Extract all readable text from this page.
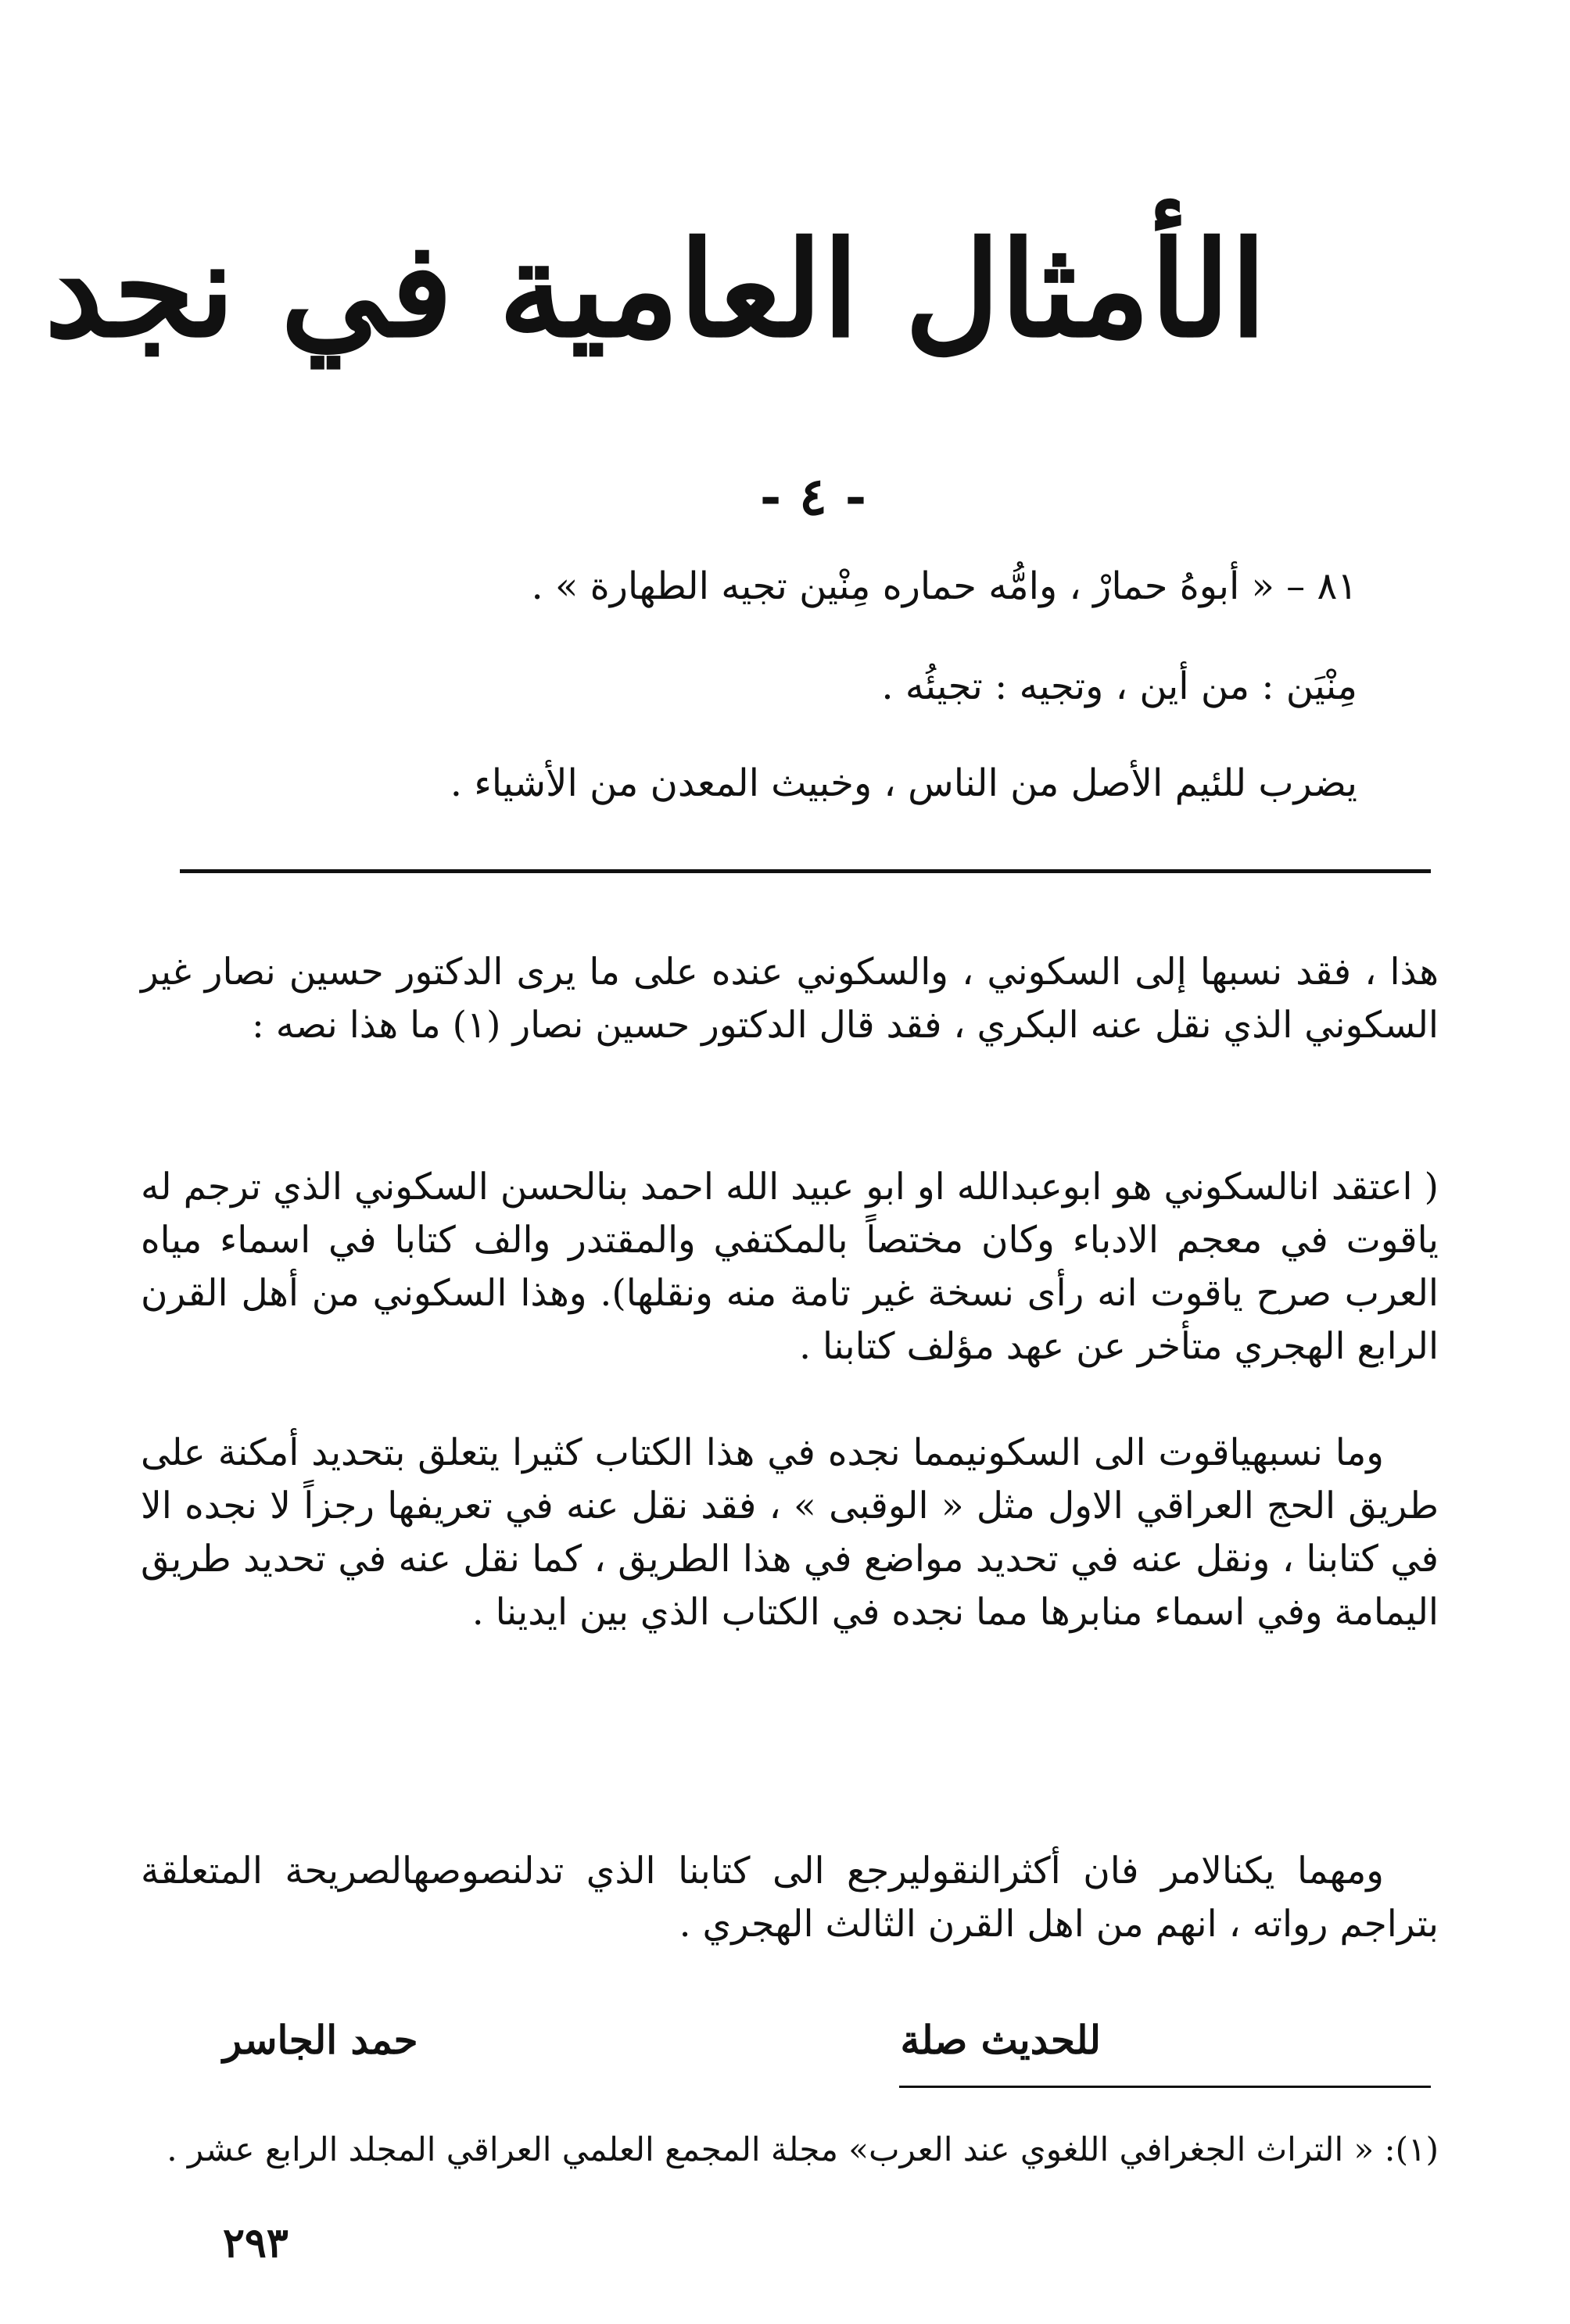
الأمثال العامية في نجد
- ٤ -
٨١ – « أبوهُ حمارْ ، وامُّه حماره مِنْين تجيه الطهارة » .
مِنْيَن : من أين ، وتجيه : تجيئُه .
يضرب للئيم الأصل من الناس ، وخبيث المعدن من الأشياء .

هذا ، فقد نسبها إلى السكوني ، والسكوني عنده على ما يرى الدكتور حسين نصار غير السكوني الذي نقل عنه البكري ، فقد قال الدكتور حسين نصار (١) ما هذا نصه :

( اعتقد انالسكوني هو ابوعبدالله او ابو عبيد الله احمد بنالحسن السكوني الذي ترجم له ياقوت في معجم الادباء وكان مختصاً بالمكتفي والمقتدر والف كتابا في اسماء مياه العرب صرح ياقوت انه رأى نسخة غير تامة منه ونقلها). وهذا السكوني من أهل القرن الرابع الهجري متأخر عن عهد مؤلف كتابنا .

وما نسبهياقوت الى السكونيمما نجده في هذا الكتاب كثيرا يتعلق بتحديد أمكنة على طريق الحج العراقي الاول مثل « الوقبى » ، فقد نقل عنه في تعريفها رجزاً لا نجده الا في كتابنا ، ونقل عنه في تحديد مواضع في هذا الطريق ، كما نقل عنه في تحديد طريق اليمامة وفي اسماء منابرها مما نجده في الكتاب الذي بين ايدينا .

ومهما يكنالامر فان أكثرالنقوليرجع الى كتابنا الذي تدلنصوصهالصريحة المتعلقة بتراجم رواته ، انهم من اهل القرن الثالث الهجري .

للحديث صلة
حمد الجاسر
(١): « التراث الجغرافي اللغوي عند العرب» مجلة المجمع العلمي العراقي المجلد الرابع عشر .
٢٩٣
